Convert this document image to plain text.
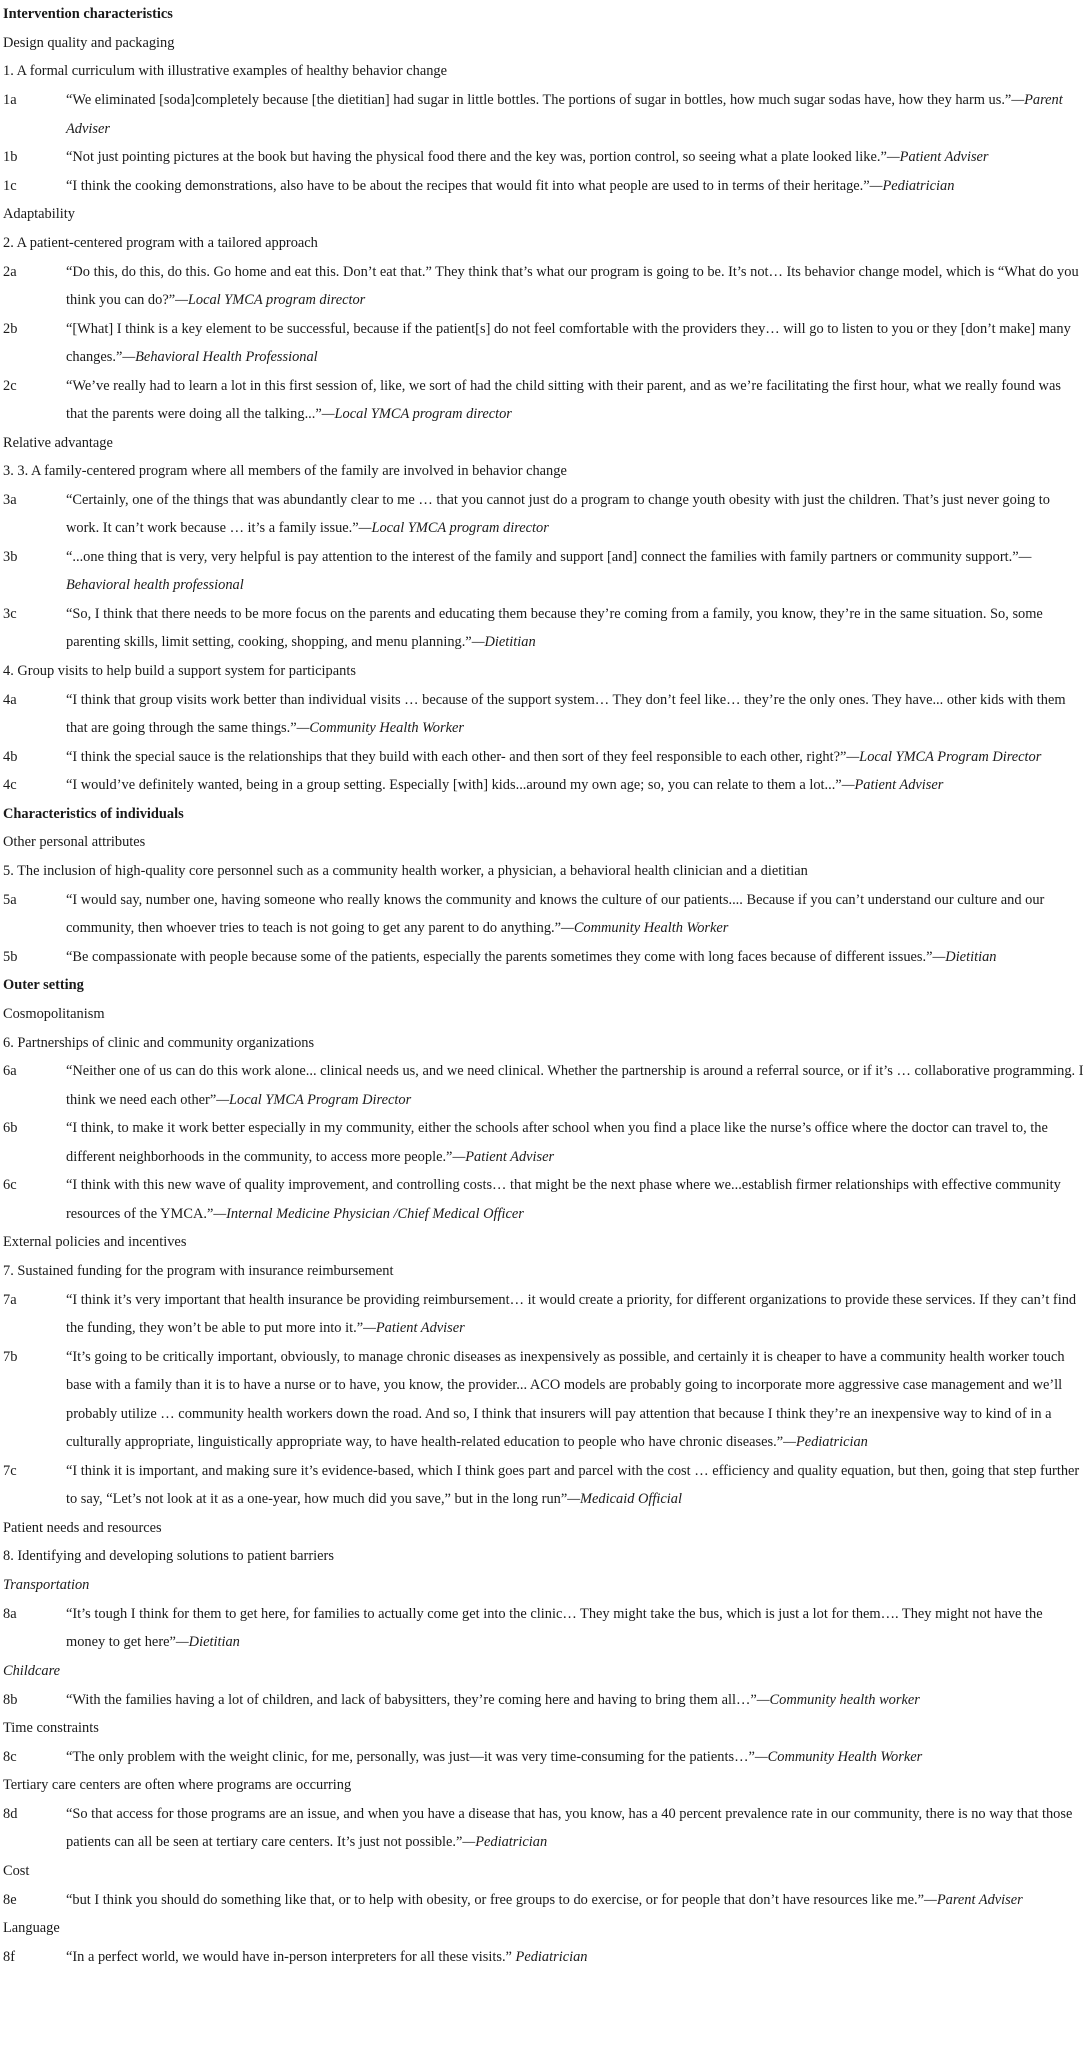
Intervention characteristics	
Design quality and packaging	
1. A formal curriculum with illustrative examples of healthy behavior change	
1a	“We eliminated [soda]completely because [the dietitian] had sugar in little bottles. The portions of sugar in bottles, how much sugar sodas have, how they harm us.”—Parent Adviser
1b	“Not just pointing pictures at the book but having the physical food there and the key was, portion control, so seeing what a plate looked like.”—Patient Adviser
1c	“I think the cooking demonstrations, also have to be about the recipes that would fit into what people are used to in terms of their heritage.”—Pediatrician
Adaptability	
2. A patient-centered program with a tailored approach	
2a	“Do this, do this, do this. Go home and eat this. Don’t eat that.” They think that’s what our program is going to be. It’s not… Its behavior change model, which is “What do you think you can do?”—Local YMCA program director
2b	“[What] I think is a key element to be successful, because if the patient[s] do not feel comfortable with the providers they… will go to listen to you or they [don’t make] many changes.”—Behavioral Health Professional
2c	“We’ve really had to learn a lot in this first session of, like, we sort of had the child sitting with their parent, and as we’re facilitating the first hour, what we really found was that the parents were doing all the talking...”—Local YMCA program director
Relative advantage	
3. 3. A family-centered program where all members of the family are involved in behavior change	
3a	“Certainly, one of the things that was abundantly clear to me … that you cannot just do a program to change youth obesity with just the children. That’s just never going to work. It can’t work because … it’s a family issue.”—Local YMCA program director
3b	“...one thing that is very, very helpful is pay attention to the interest of the family and support [and] connect the families with family partners or community support.”—Behavioral health professional
3c	“So, I think that there needs to be more focus on the parents and educating them because they’re coming from a family, you know, they’re in the same situation. So, some parenting skills, limit setting, cooking, shopping, and menu planning.”—Dietitian
4. Group visits to help build a support system for participants	
4a	“I think that group visits work better than individual visits … because of the support system… They don’t feel like… they’re the only ones. They have... other kids with them that are going through the same things.”—Community Health Worker
4b	“I think the special sauce is the relationships that they build with each other- and then sort of they feel responsible to each other, right?”—Local YMCA Program Director
4c	“I would’ve definitely wanted, being in a group setting. Especially [with] kids...around my own age; so, you can relate to them a lot...”—Patient Adviser
Characteristics of individuals	
Other personal attributes	
5. The inclusion of high-quality core personnel such as a community health worker, a physician, a behavioral health clinician and a dietitian	
5a	“I would say, number one, having someone who really knows the community and knows the culture of our patients.... Because if you can’t understand our culture and our community, then whoever tries to teach is not going to get any parent to do anything.”—Community Health Worker
5b	“Be compassionate with people because some of the patients, especially the parents sometimes they come with long faces because of different issues.”—Dietitian
Outer setting	
Cosmopolitanism	
6. Partnerships of clinic and community organizations	
6a	“Neither one of us can do this work alone... clinical needs us, and we need clinical. Whether the partnership is around a referral source, or if it’s … collaborative programming. I think we need each other”—Local YMCA Program Director
6b	“I think, to make it work better especially in my community, either the schools after school when you find a place like the nurse’s office where the doctor can travel to, the different neighborhoods in the community, to access more people.”—Patient Adviser
6c	“I think with this new wave of quality improvement, and controlling costs… that might be the next phase where we...establish firmer relationships with effective community resources of the YMCA.”—Internal Medicine Physician /Chief Medical Officer
External policies and incentives	
7. Sustained funding for the program with insurance reimbursement	
7a	“I think it’s very important that health insurance be providing reimbursement… it would create a priority, for different organizations to provide these services. If they can’t find the funding, they won’t be able to put more into it.”—Patient Adviser
7b	“It’s going to be critically important, obviously, to manage chronic diseases as inexpensively as possible, and certainly it is cheaper to have a community health worker touch base with a family than it is to have a nurse or to have, you know, the provider... ACO models are probably going to incorporate more aggressive case management and we’ll probably utilize … community health workers down the road. And so, I think that insurers will pay attention that because I think they’re an inexpensive way to kind of in a culturally appropriate, linguistically appropriate way, to have health-related education to people who have chronic diseases.”—Pediatrician
7c	“I think it is important, and making sure it’s evidence-based, which I think goes part and parcel with the cost … efficiency and quality equation, but then, going that step further to say, “Let’s not look at it as a one-year, how much did you save,” but in the long run”—Medicaid Official
Patient needs and resources	
8. Identifying and developing solutions to patient barriers	
Transportation	
8a	“It’s tough I think for them to get here, for families to actually come get into the clinic… They might take the bus, which is just a lot for them…. They might not have the money to get here”—Dietitian
Childcare	
8b	“With the families having a lot of children, and lack of babysitters, they’re coming here and having to bring them all…”—Community health worker
Time constraints	
8c	“The only problem with the weight clinic, for me, personally, was just—it was very time-consuming for the patients…”—Community Health Worker
Tertiary care centers are often where programs are occurring	
8d	“So that access for those programs are an issue, and when you have a disease that has, you know, has a 40 percent prevalence rate in our community, there is no way that those patients can all be seen at tertiary care centers. It’s just not possible.”—Pediatrician
Cost	
8e	“but I think you should do something like that, or to help with obesity, or free groups to do exercise, or for people that don’t have resources like me.”—Parent Adviser
Language	
8f	“In a perfect world, we would have in-person interpreters for all these visits.” Pediatrician
